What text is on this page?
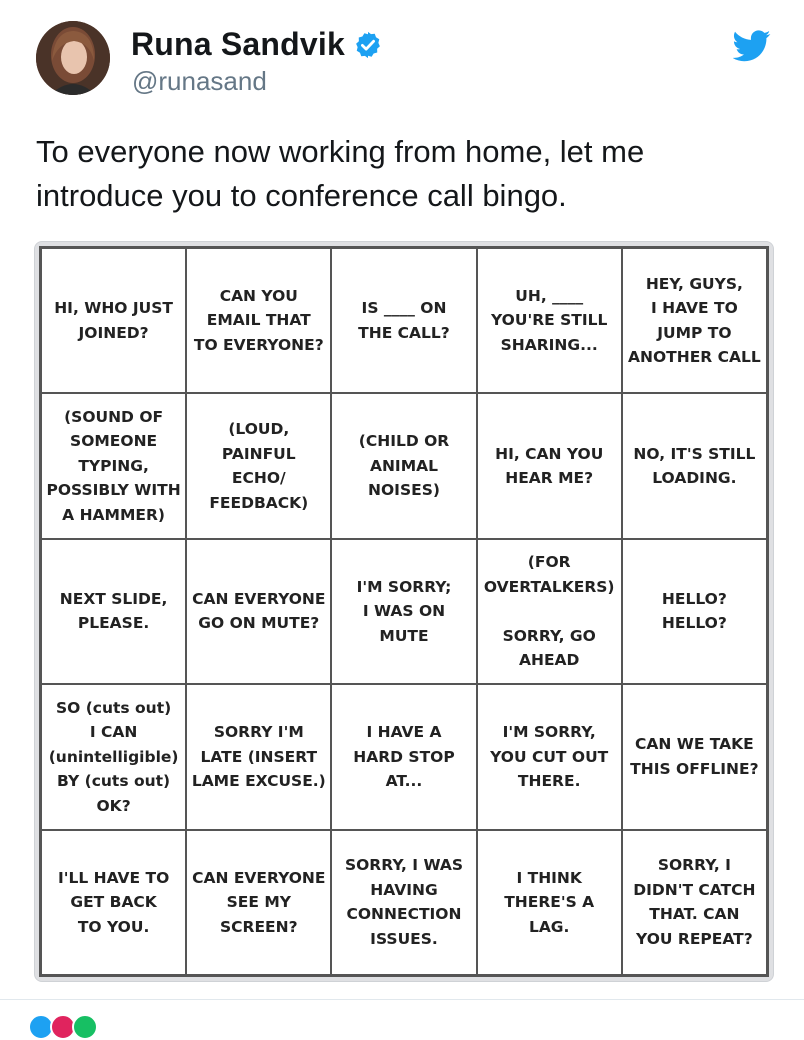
Runa Sandvik
@runasand
To everyone now working from home, let me introduce you to conference call bingo.
HI, WHO JUST
JOINED?
CAN YOU
EMAIL THAT
TO EVERYONE?
IS ____ ON
THE CALL?
UH, ____
YOU'RE STILL
SHARING...
HEY, GUYS,
I HAVE TO
JUMP TO
ANOTHER CALL
(SOUND OF
SOMEONE
TYPING,
POSSIBLY WITH
A HAMMER)
(LOUD, PAINFUL
ECHO/
FEEDBACK)
(CHILD OR
ANIMAL
NOISES)
HI, CAN YOU
HEAR ME?
NO, IT'S STILL
LOADING.
NEXT SLIDE,
PLEASE.
CAN EVERYONE
GO ON MUTE?
I'M SORRY;
I WAS ON
MUTE
(FOR
OVERTALKERS)

SORRY, GO
AHEAD
HELLO?
HELLO?
SO (cuts out)
I CAN
(unintelligible)
BY (cuts out)
OK?
SORRY I'M
LATE (INSERT
LAME EXCUSE.)
I HAVE A
HARD STOP
AT...
I'M SORRY,
YOU CUT OUT
THERE.
CAN WE TAKE
THIS OFFLINE?
I'LL HAVE TO
GET BACK
TO YOU.
CAN EVERYONE
SEE MY
SCREEN?
SORRY, I WAS
HAVING
CONNECTION
ISSUES.
I THINK
THERE'S A
LAG.
SORRY, I
DIDN'T CATCH
THAT. CAN
YOU REPEAT?
